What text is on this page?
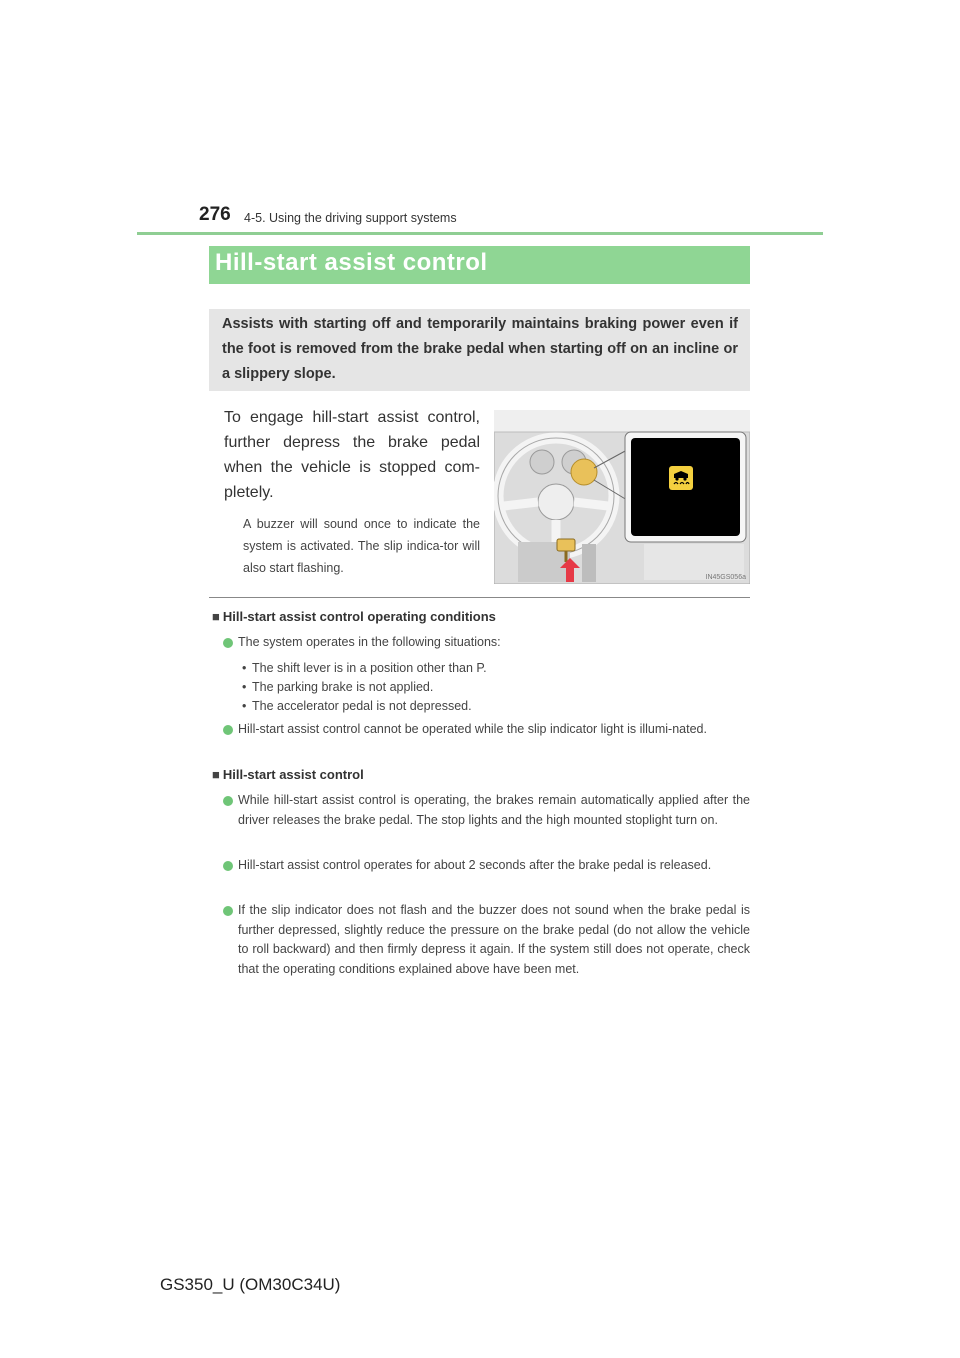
276 4-5. Using the driving support systems
Hill-start assist control
Assists with starting off and temporarily maintains braking power even if the foot is removed from the brake pedal when starting off on an incline or a slippery slope.
To engage hill-start assist control, further depress the brake pedal when the vehicle is stopped com-pletely.
A buzzer will sound once to indicate the system is activated. The slip indica-tor will also start flashing.
IN45GS056a
■ Hill-start assist control operating conditions
The system operates in the following situations:
• The shift lever is in a position other than P.
• The parking brake is not applied.
• The accelerator pedal is not depressed.
Hill-start assist control cannot be operated while the slip indicator light is illumi-nated.
■ Hill-start assist control
While hill-start assist control is operating, the brakes remain automatically applied after the driver releases the brake pedal. The stop lights and the high mounted stoplight turn on.
Hill-start assist control operates for about 2 seconds after the brake pedal is released.
If the slip indicator does not flash and the buzzer does not sound when the brake pedal is further depressed, slightly reduce the pressure on the brake pedal (do not allow the vehicle to roll backward) and then firmly depress it again. If the system still does not operate, check that the operating conditions explained above have been met.
GS350_U (OM30C34U)
